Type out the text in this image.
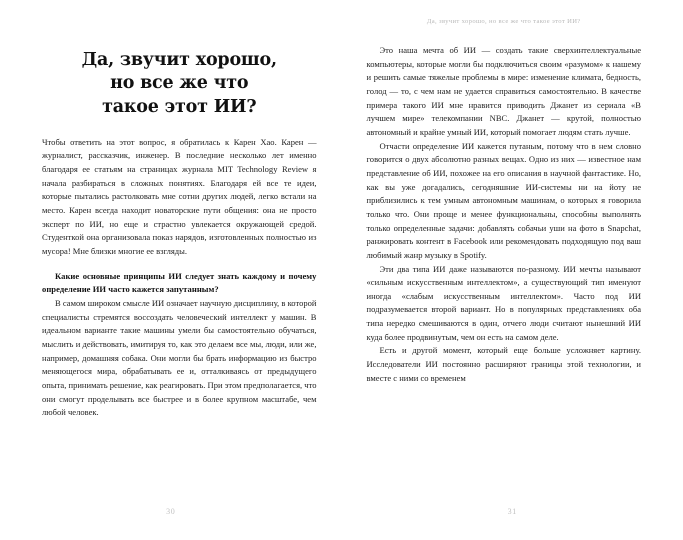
Да, звучит хорошо,
но все же что
такое этот ИИ?

Чтобы ответить на этот вопрос, я обратилась к Карен Хао. Карен — журналист, рассказчик, инженер. В последние несколько лет именно благодаря ее статьям на страницах журнала MIT Technology Review я начала разбираться в сложных понятиях. Благодаря ей все те идеи, которые пытались растолковать мне сотни других людей, легко встали на место. Карен всегда находит новаторские пути общения: она не просто эксперт по ИИ, но еще и страстно увлекается окружающей средой. Студенткой она организовала показ нарядов, изготовленных полностью из мусора! Мне близки многие ее взгляды.

Какие основные принципы ИИ следует знать каждому и почему определение ИИ часто кажется запутанным?

В самом широком смысле ИИ означает научную дисциплину, в которой специалисты стремятся воссоздать человеческий интеллект у машин. В идеальном варианте такие машины умели бы самостоятельно обучаться, мыслить и действовать, имитируя то, как это делаем все мы, люди, или же, например, домашняя собака. Они могли бы брать информацию из быстро меняющегося мира, обрабатывать ее и, отталкиваясь от предыдущего опыта, принимать решение, как реагировать. При этом предполагается, что они смогут проделывать все быстрее и в более крупном масштабе, чем любой человек.

30
Да, звучит хорошо, но все же что такое этот ИИ?

Это наша мечта об ИИ — создать такие сверхинтеллектуальные компьютеры, которые могли бы подключиться своим «разумом» к нашему и решить самые тяжелые проблемы в мире: изменение климата, бедность, голод — то, с чем нам не удается справиться самостоятельно. В качестве примера такого ИИ мне нравится приводить Джанет из сериала «В лучшем мире» телекомпании NBC. Джанет — крутой, полностью автономный и крайне умный ИИ, который помогает людям стать лучше.

Отчасти определение ИИ кажется путаным, потому что в нем словно говорится о двух абсолютно разных вещах. Одно из них — известное нам представление об ИИ, похожее на его описания в научной фантастике. Но, как вы уже догадались, сегодняшние ИИ-системы ни на йоту не приблизились к тем умным автономным машинам, о которых я говорила только что. Они проще и менее функциональны, способны выполнять только определенные задачи: добавлять собачьи уши на фото в Snapchat, ранжировать контент в Facebook или рекомендовать подходящую под ваш любимый жанр музыку в Spotify.

Эти два типа ИИ даже называются по-разному. ИИ мечты называют «сильным искусственным интеллектом», а существующий тип именуют иногда «слабым искусственным интеллектом». Часто под ИИ подразумевается второй вариант. Но в популярных представлениях оба типа нередко смешиваются в один, отчего люди считают нынешний ИИ куда более продвинутым, чем он есть на самом деле.

Есть и другой момент, который еще больше усложняет картину. Исследователи ИИ постоянно расширяют границы этой технологии, и вместе с ними со временем

31
